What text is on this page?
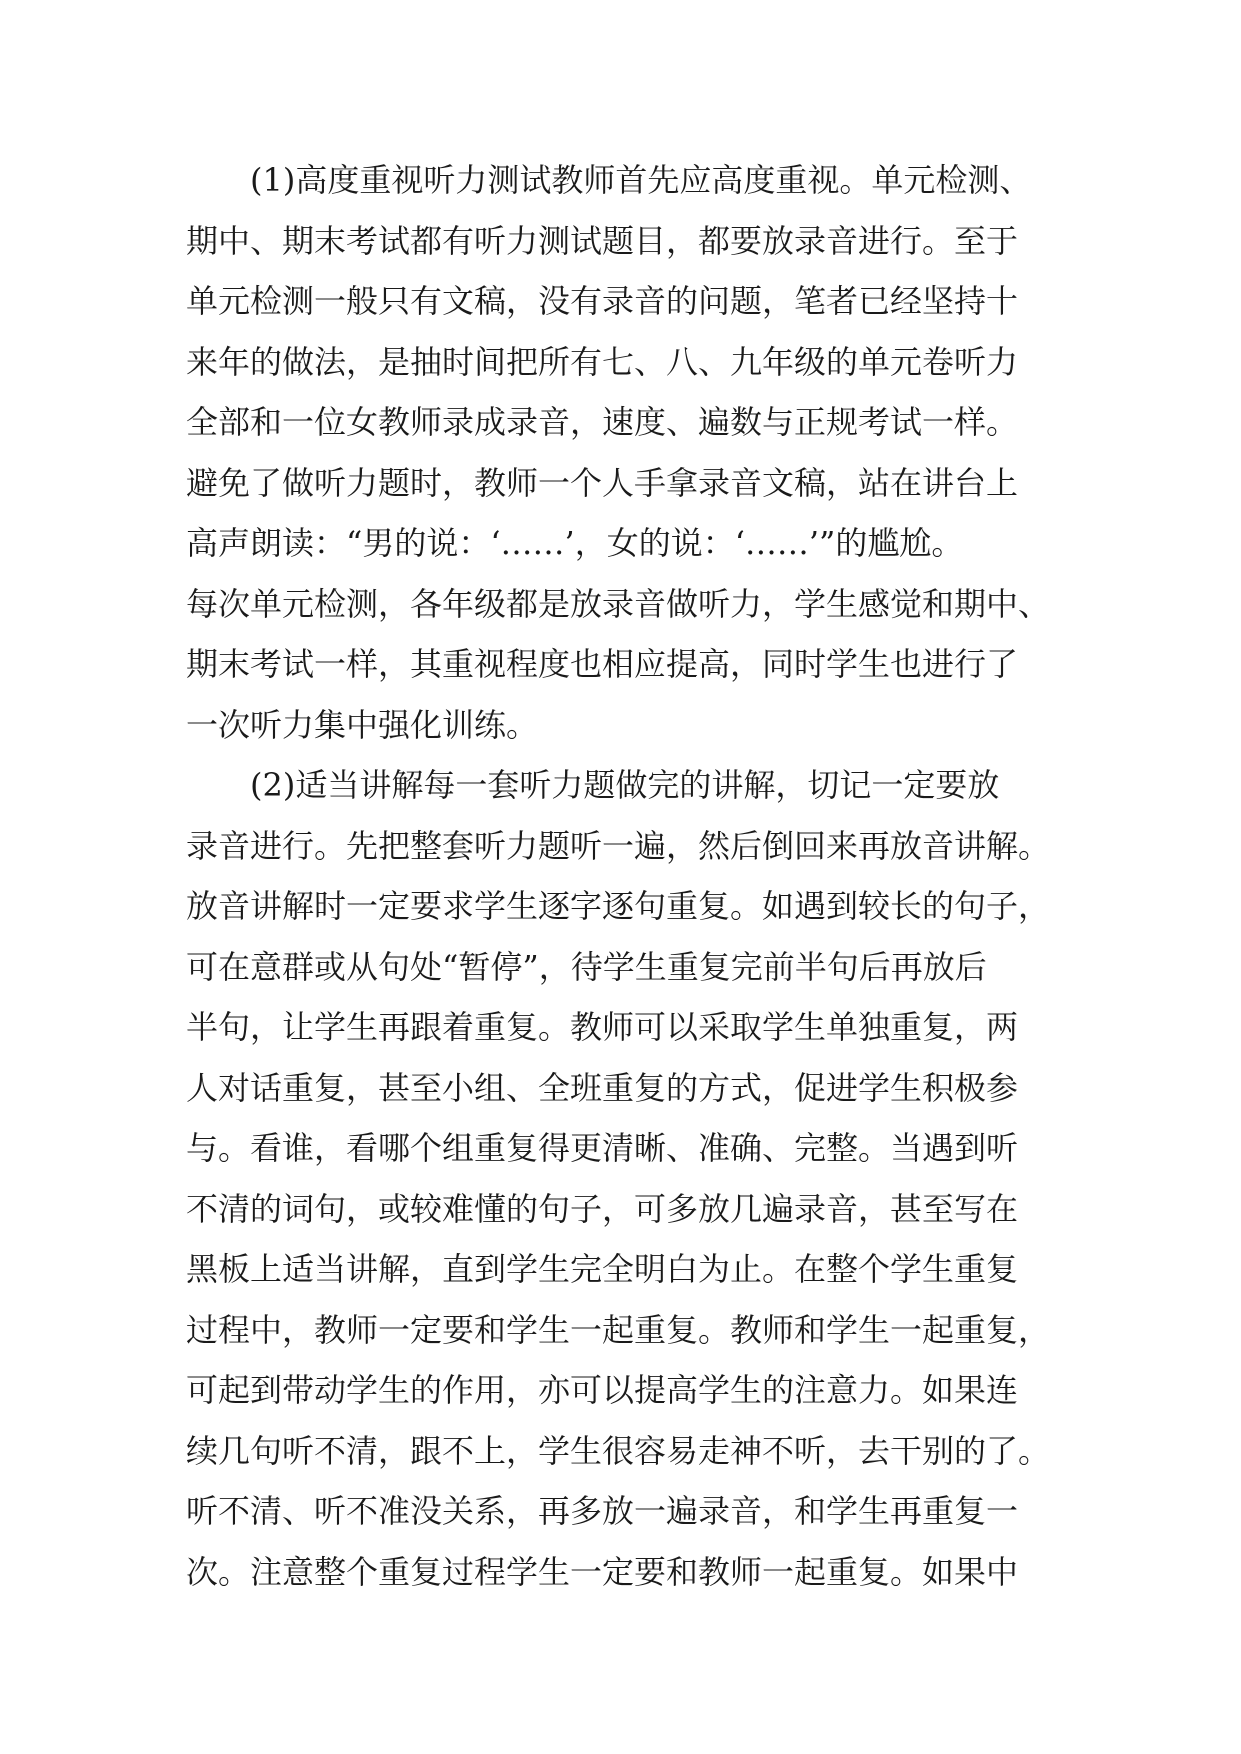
(1)高度重视听力测试教师首先应高度重视。单元检测、
期中、期末考试都有听力测试题目，都要放录音进行。至于
单元检测一般只有文稿，没有录音的问题，笔者已经坚持十
来年的做法，是抽时间把所有七、八、九年级的单元卷听力
全部和一位女教师录成录音，速度、遍数与正规考试一样。
避免了做听力题时，教师一个人手拿录音文稿，站在讲台上
高声朗读：“男的说：‘……’，女的说：‘……’”的尴尬。
每次单元检测，各年级都是放录音做听力，学生感觉和期中、
期末考试一样，其重视程度也相应提高，同时学生也进行了
一次听力集中强化训练。
(2)适当讲解每一套听力题做完的讲解，切记一定要放
录音进行。先把整套听力题听一遍，然后倒回来再放音讲解。
放音讲解时一定要求学生逐字逐句重复。如遇到较长的句子，
可在意群或从句处“暂停”，待学生重复完前半句后再放后
半句，让学生再跟着重复。教师可以采取学生单独重复，两
人对话重复，甚至小组、全班重复的方式，促进学生积极参
与。看谁，看哪个组重复得更清晰、准确、完整。当遇到听
不清的词句，或较难懂的句子，可多放几遍录音，甚至写在
黑板上适当讲解，直到学生完全明白为止。在整个学生重复
过程中，教师一定要和学生一起重复。教师和学生一起重复，
可起到带动学生的作用，亦可以提高学生的注意力。如果连
续几句听不清，跟不上，学生很容易走神不听，去干别的了。
听不清、听不准没关系，再多放一遍录音，和学生再重复一
次。注意整个重复过程学生一定要和教师一起重复。如果中
